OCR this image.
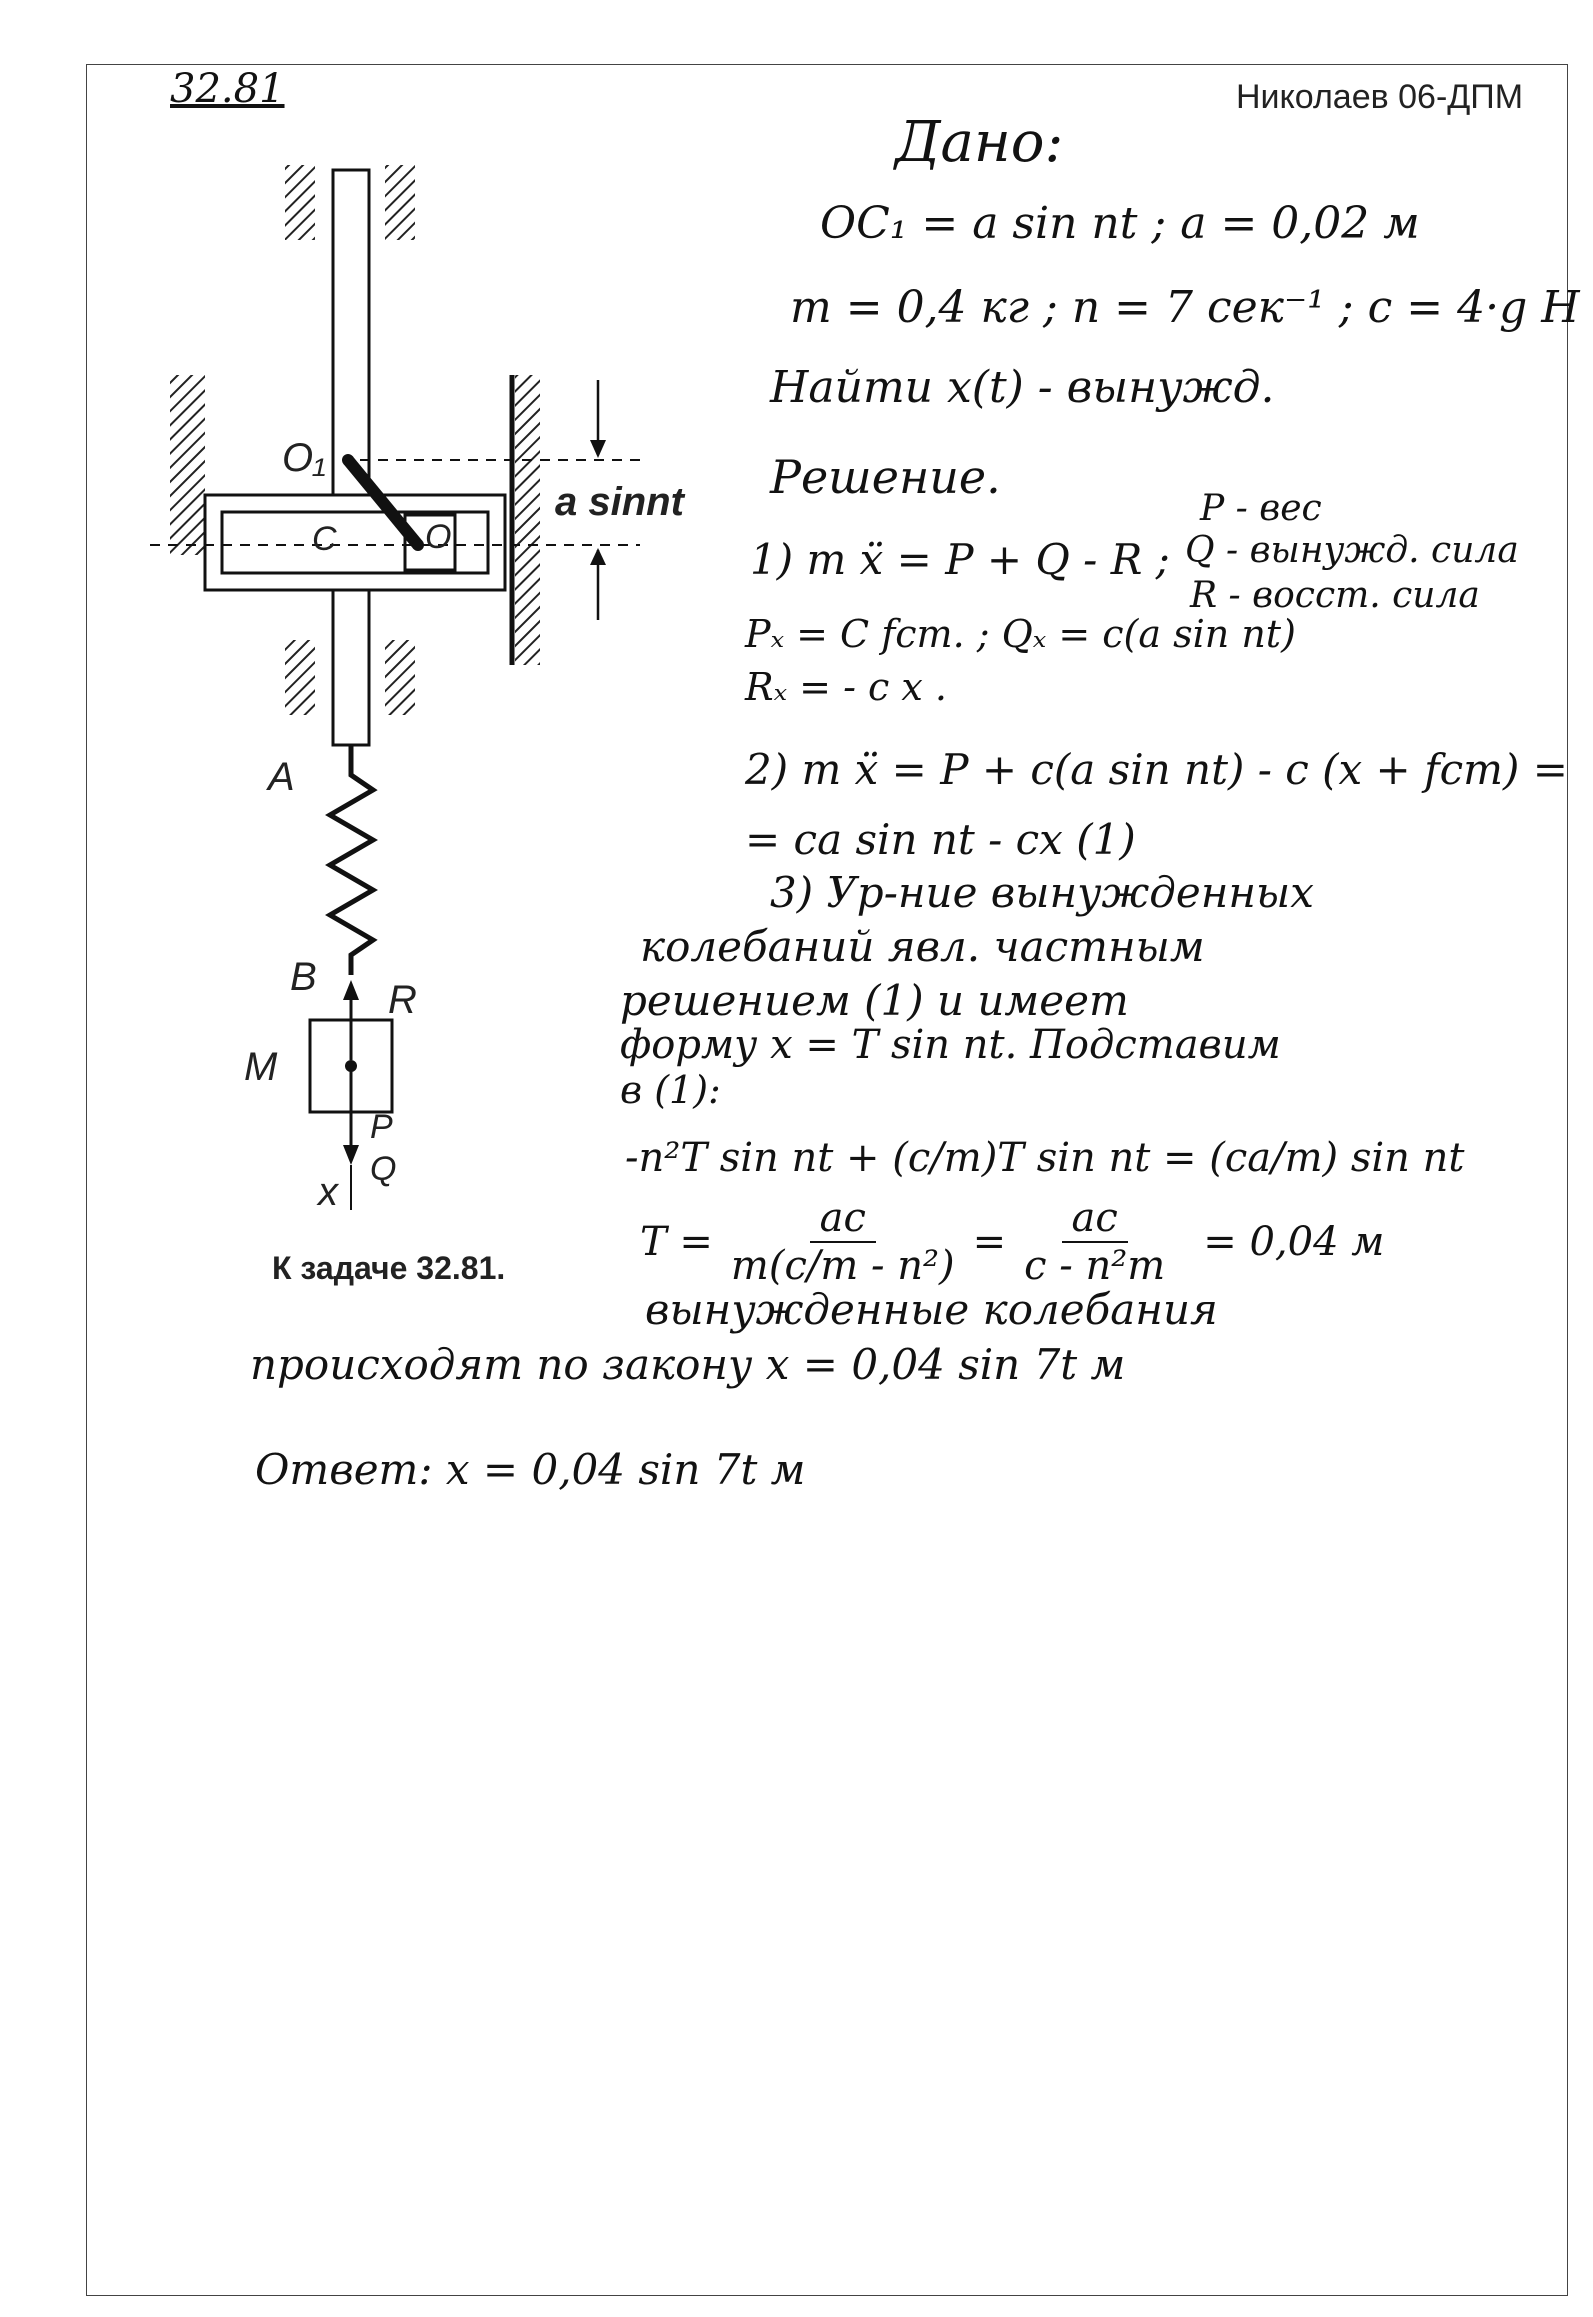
32.81	Николаев 06-ДПМ
O₁
O
C
A
B
M
x
R
P
Q
a sinnt
К задаче 32.81.
Дано:
OC₁ = a sin nt ; a = 0,02 м
m = 0,4 кг ; n = 7 сек⁻¹ ; c = 4·g Н
Найти x(t) - вынужд.
Решение.
P - вес
Q - вынужд. сила
R - восст. сила
1) m ẍ = P + Q - R ;
Pₓ = C fст. ; Qₓ = c(a sin nt)
Rₓ = - c x .
2) m ẍ = P + c(a sin nt) - c (x + fст) =
= ca sin nt - cx (1)
3) Ур-ние вынужденных
колебаний явл. частным
решением (1) и имеет
форму x = T sin nt. Подставим
в (1):
-n²T sin nt + (c/m)T sin nt = (ca/m) sin nt
$T = \frac{ac}{\text{m(c/m - n²)}} = \frac{ac}{\text{c - n²m}} = 0,04$ м
вынужденные колебания
происходят по закону x = 0,04 sin 7t м
Ответ: x = 0,04 sin 7t м
